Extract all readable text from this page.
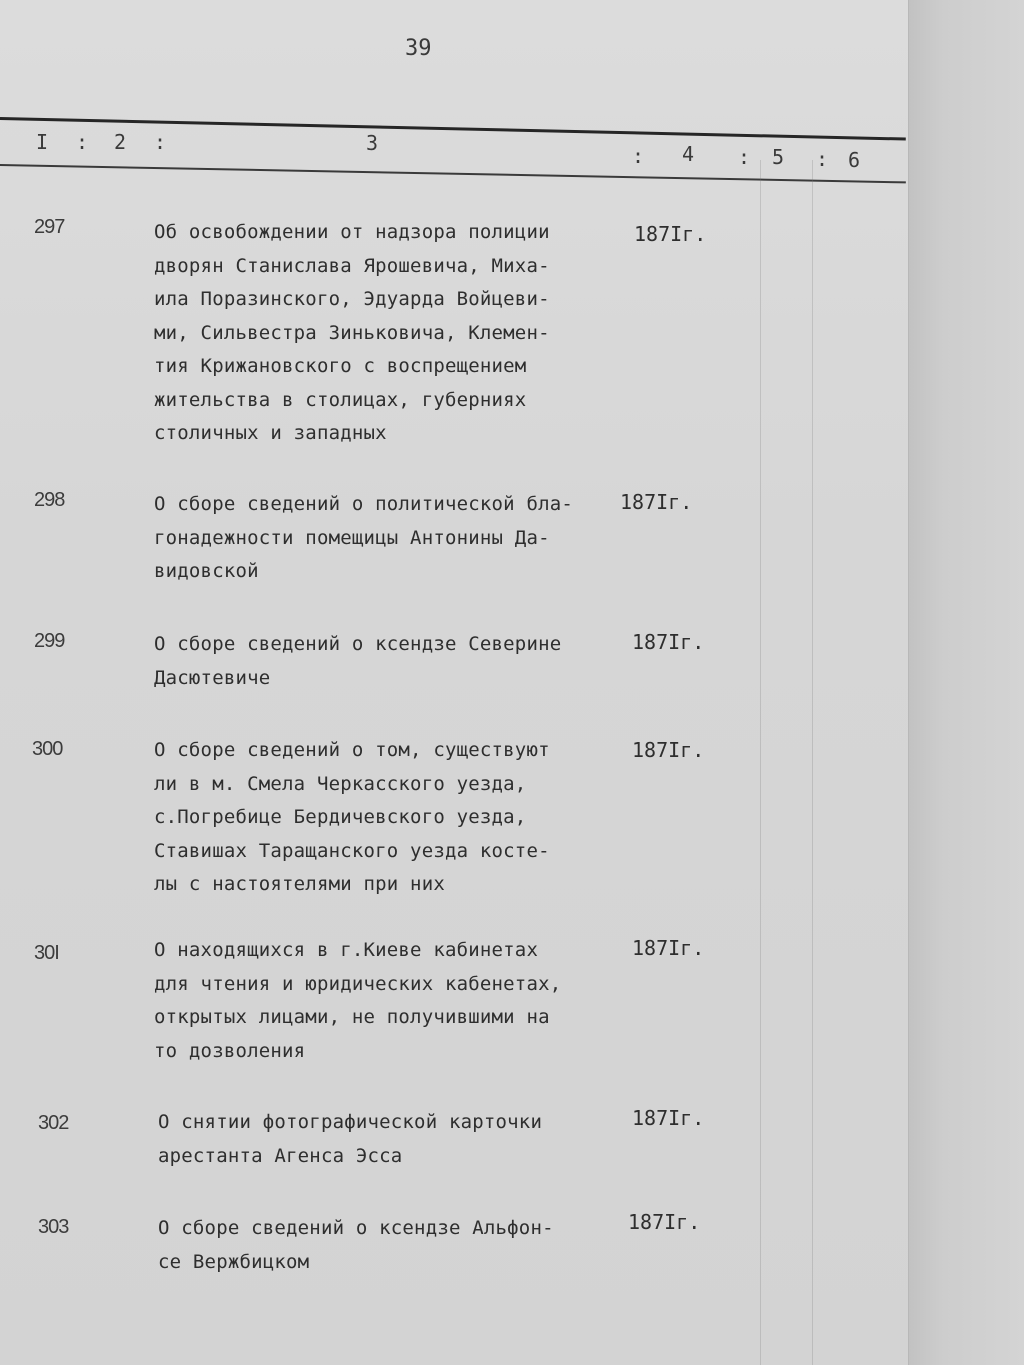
39
I : 2 :	3
: 4 : 5 : 6
297	Об освобождении от надзора полиции
дворян Станислава Ярошевича, Миха-
ила Поразинского, Эдуарда Войцеви-
ми, Сильвестра Зиньковича, Клемен-
тия Крижановского с воспрещением
жительства в столицах, губерниях
столичных и западных
187Iг.
298	О сборе сведений о политической бла-
гонадежности помещицы Антонины Да-
видовской
187Iг.
299	О сборе сведений о ксендзе Северине
Дасютевиче
187Iг.
300	О сборе сведений о том, существуют
ли в м. Смела Черкасского уезда,
с.Погребице Бердичевского уезда,
Ставишах Таращанского уезда косте-
лы с настоятелями при них
187Iг.
30I	О находящихся в г.Киеве кабинетах
для чтения и юридических кабенетах,
открытых лицами, не получившими на
то дозволения
187Iг.
302	О снятии фотографической карточки
арестанта Агенса Эсса
187Iг.
303	О сборе сведений о ксендзе Альфон-
се Вержбицком
187Iг.
